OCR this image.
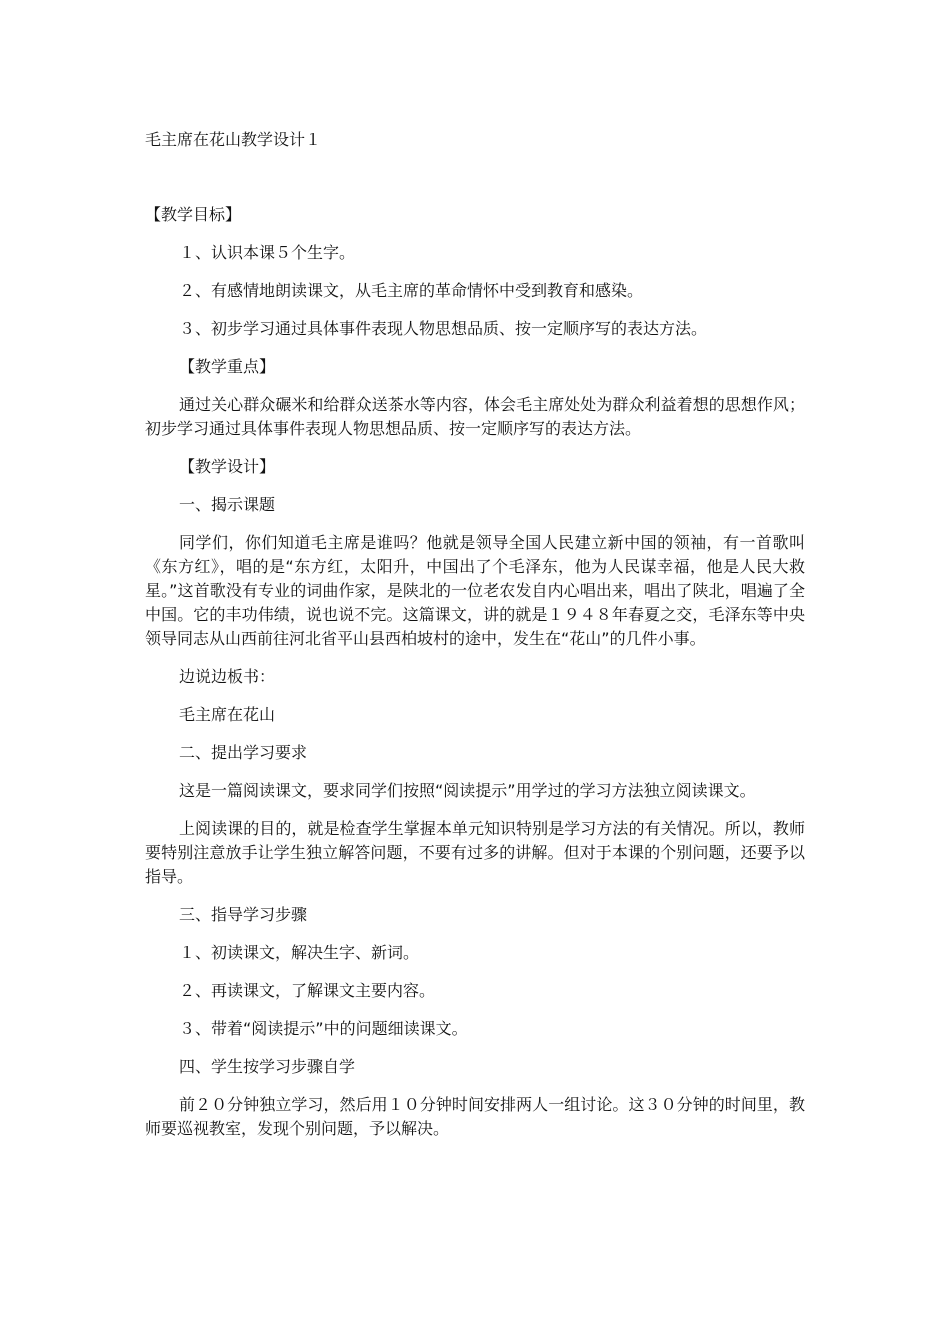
毛主席在花山教学设计１

【教学目标】

１、认识本课５个生字。

２、有感情地朗读课文，从毛主席的革命情怀中受到教育和感染。

３、初步学习通过具体事件表现人物思想品质、按一定顺序写的表达方法。

【教学重点】

通过关心群众碾米和给群众送茶水等内容，体会毛主席处处为群众利益着想的思想作风；初步学习通过具体事件表现人物思想品质、按一定顺序写的表达方法。

【教学设计】

一、揭示课题

同学们，你们知道毛主席是谁吗？他就是领导全国人民建立新中国的领袖，有一首歌叫《东方红》，唱的是“东方红，太阳升，中国出了个毛泽东，他为人民谋幸福，他是人民大救星。”这首歌没有专业的词曲作家，是陕北的一位老农发自内心唱出来，唱出了陕北，唱遍了全中国。它的丰功伟绩，说也说不完。这篇课文，讲的就是１９４８年春夏之交，毛泽东等中央领导同志从山西前往河北省平山县西柏坡村的途中，发生在“花山”的几件小事。

边说边板书：

毛主席在花山

二、提出学习要求

这是一篇阅读课文，要求同学们按照“阅读提示”用学过的学习方法独立阅读课文。

上阅读课的目的，就是检查学生掌握本单元知识特别是学习方法的有关情况。所以，教师要特别注意放手让学生独立解答问题，不要有过多的讲解。但对于本课的个别问题，还要予以指导。

三、指导学习步骤

１、初读课文，解决生字、新词。

２、再读课文，了解课文主要内容。

３、带着“阅读提示”中的问题细读课文。

四、学生按学习步骤自学

前２０分钟独立学习，然后用１０分钟时间安排两人一组讨论。这３０分钟的时间里，教师要巡视教室，发现个别问题，予以解决。
